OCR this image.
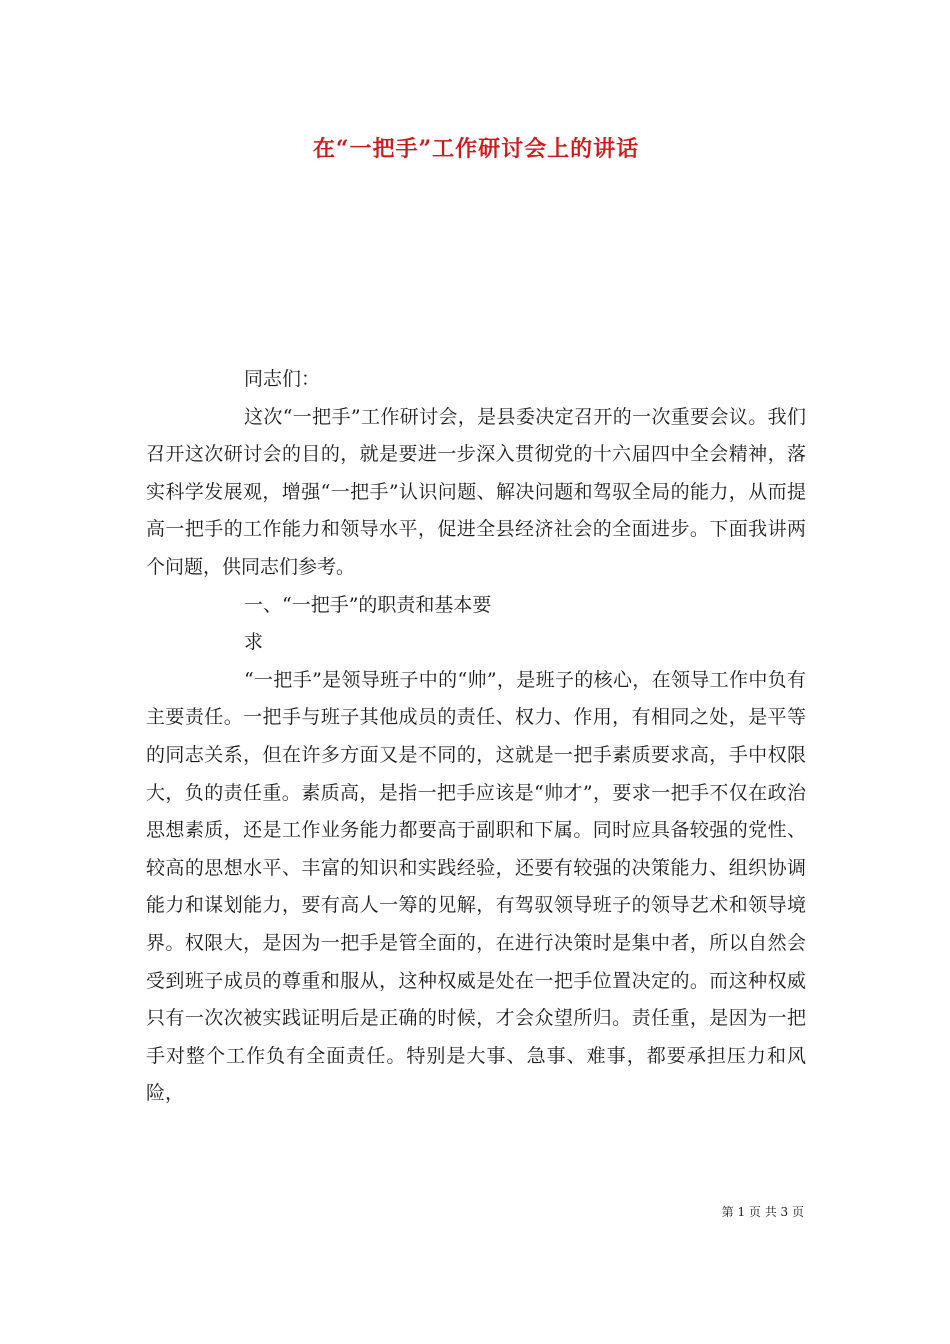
在“一把手”工作研讨会上的讲话

同志们：

这次“一把手”工作研讨会，是县委决定召开的一次重要会议。我们召开这次研讨会的目的，就是要进一步深入贯彻党的十六届四中全会精神，落实科学发展观，增强“一把手”认识问题、解决问题和驾驭全局的能力，从而提高一把手的工作能力和领导水平，促进全县经济社会的全面进步。下面我讲两个问题，供同志们参考。

一、“一把手”的职责和基本要

求

“一把手”是领导班子中的“帅”，是班子的核心，在领导工作中负有主要责任。一把手与班子其他成员的责任、权力、作用，有相同之处，是平等的同志关系，但在许多方面又是不同的，这就是一把手素质要求高，手中权限大，负的责任重。素质高，是指一把手应该是“帅才”，要求一把手不仅在政治思想素质，还是工作业务能力都要高于副职和下属。同时应具备较强的党性、较高的思想水平、丰富的知识和实践经验，还要有较强的决策能力、组织协调能力和谋划能力，要有高人一筹的见解，有驾驭领导班子的领导艺术和领导境界。权限大，是因为一把手是管全面的，在进行决策时是集中者，所以自然会受到班子成员的尊重和服从，这种权威是处在一把手位置决定的。而这种权威只有一次次被实践证明后是正确的时候，才会众望所归。责任重，是因为一把手对整个工作负有全面责任。特别是大事、急事、难事，都要承担压力和风险，

第 1 页 共 3 页
